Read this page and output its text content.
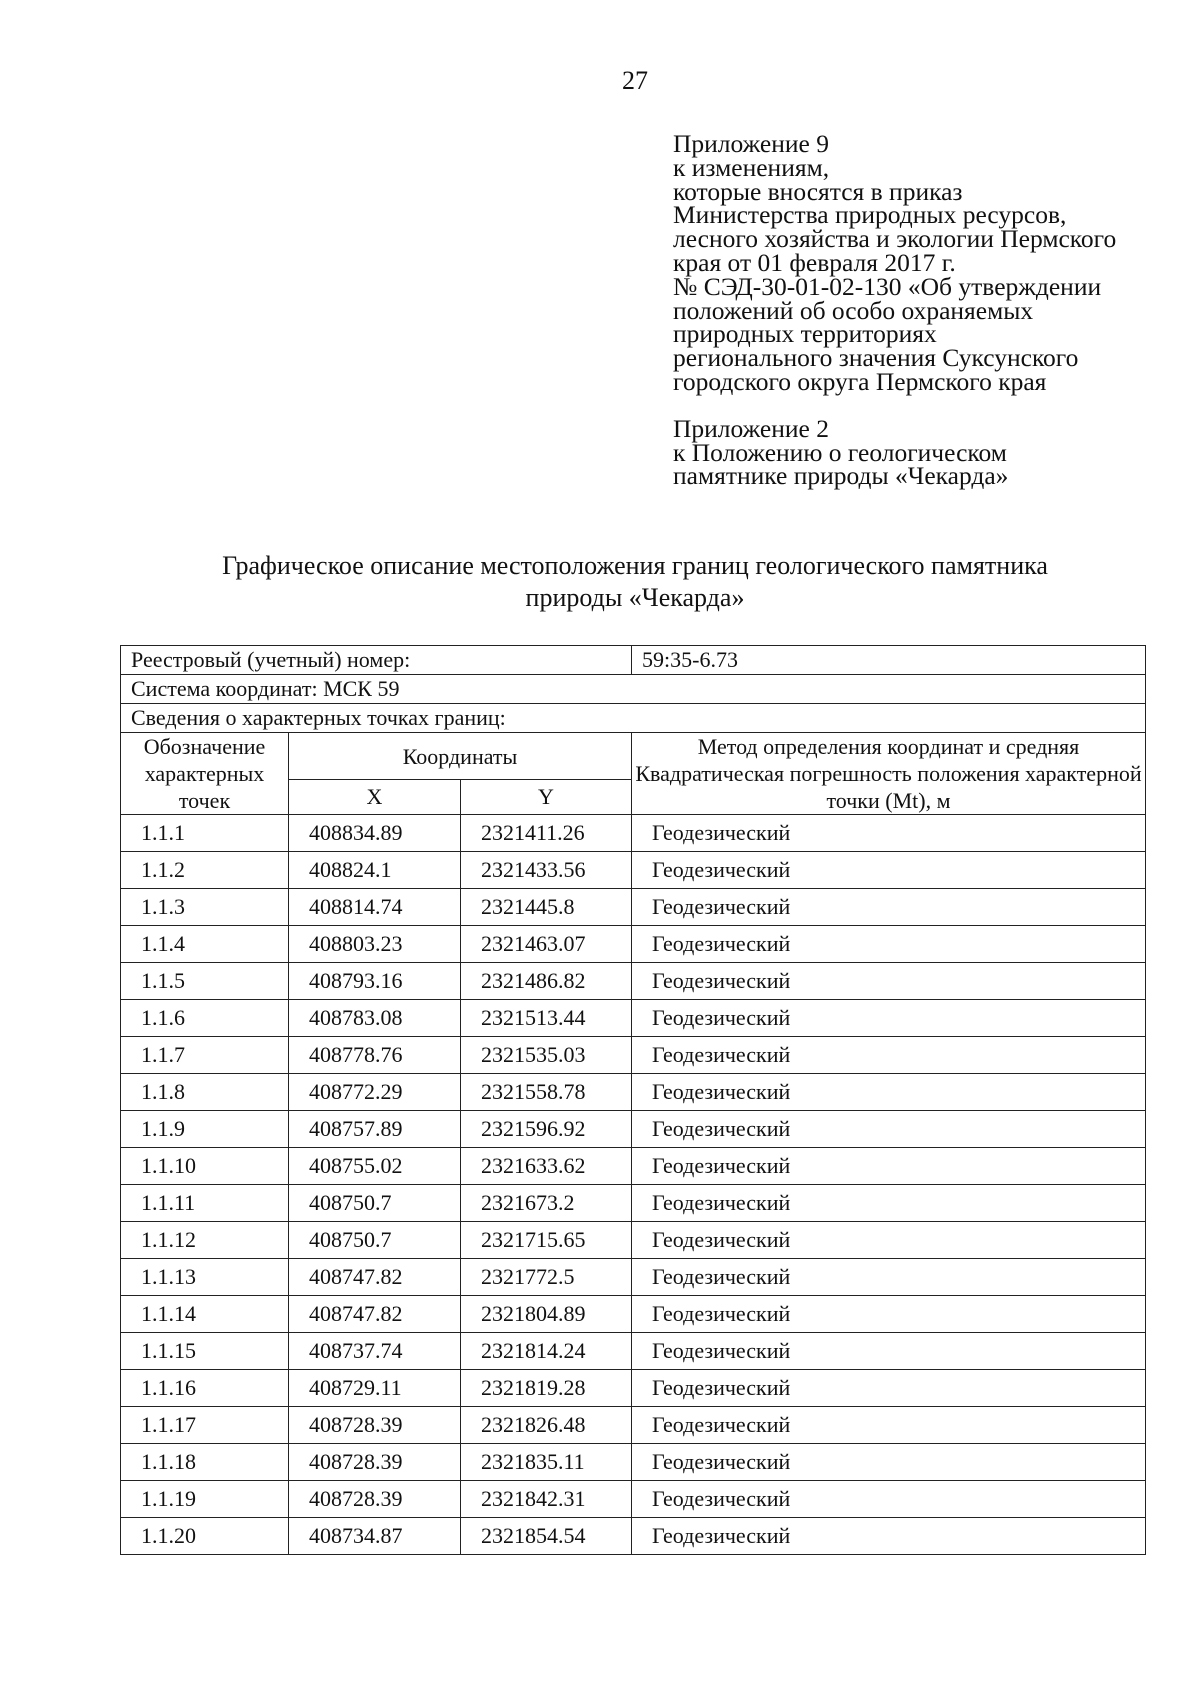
27
Приложение 9
к изменениям,
которые вносятся в приказ
Министерства природных ресурсов,
лесного хозяйства и экологии Пермского
края от 01 февраля 2017 г.
№ СЭД-30-01-02-130 «Об утверждении
положений об особо охраняемых
природных территориях
регионального значения Суксунского
городского округа Пермского края
Приложение 2
к Положению о геологическом
памятнике природы «Чекарда»
Графическое описание местоположения границ геологического памятника
природы «Чекарда»
Реестровый (учетный) номер:			59:35-6.73
Система координат: МСК 59			
Сведения о характерных точках границ:			
Обозначение характерных точек	Координаты		Метод определения координат и средняя Квадратическая погрешность положения характерной точки (Mt), м
	X	Y	
1.1.1	408834.89	2321411.26	Геодезический
1.1.2	408824.1	2321433.56	Геодезический
1.1.3	408814.74	2321445.8	Геодезический
1.1.4	408803.23	2321463.07	Геодезический
1.1.5	408793.16	2321486.82	Геодезический
1.1.6	408783.08	2321513.44	Геодезический
1.1.7	408778.76	2321535.03	Геодезический
1.1.8	408772.29	2321558.78	Геодезический
1.1.9	408757.89	2321596.92	Геодезический
1.1.10	408755.02	2321633.62	Геодезический
1.1.11	408750.7	2321673.2	Геодезический
1.1.12	408750.7	2321715.65	Геодезический
1.1.13	408747.82	2321772.5	Геодезический
1.1.14	408747.82	2321804.89	Геодезический
1.1.15	408737.74	2321814.24	Геодезический
1.1.16	408729.11	2321819.28	Геодезический
1.1.17	408728.39	2321826.48	Геодезический
1.1.18	408728.39	2321835.11	Геодезический
1.1.19	408728.39	2321842.31	Геодезический
1.1.20	408734.87	2321854.54	Геодезический
